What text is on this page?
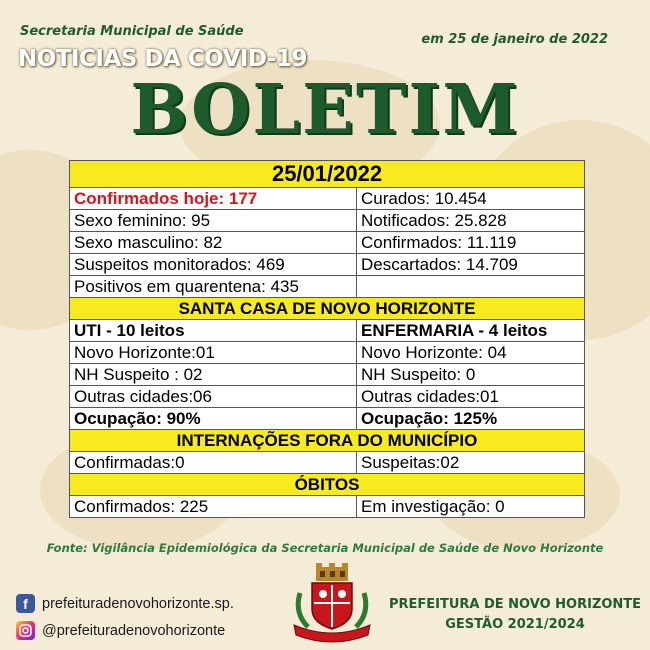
Secretaria Municipal de Saúde
em 25 de janeiro de 2022
NOTICIAS DA COVID-19
BOLETIM
25/01/2022	
Confirmados hoje: 177	Curados: 10.454
Sexo feminino: 95	Notificados: 25.828
Sexo masculino: 82	Confirmados: 11.119
Suspeitos monitorados: 469	Descartados: 14.709
Positivos em quarentena: 435	
SANTA CASA DE NOVO HORIZONTE	
UTI - 10 leitos	ENFERMARIA - 4 leitos
Novo Horizonte:01	Novo Horizonte: 04
NH Suspeito : 02	NH Suspeito: 0
Outras cidades:06	Outras cidades:01
Ocupação: 90%	Ocupação: 125%
INTERNAÇÕES FORA DO MUNICÍPIO	
Confirmadas:0	Suspeitas:02
ÓBITOS	
Confirmados: 225	Em investigação: 0
Fonte: Vigilância Epidemiológica da Secretaria Municipal de Saúde de Novo Horizonte
f prefeituradenovohorizonte.sp.
@prefeituradenovohorizonte
PREFEITURA DE NOVO HORIZONTE
GESTÃO 2021/2024
